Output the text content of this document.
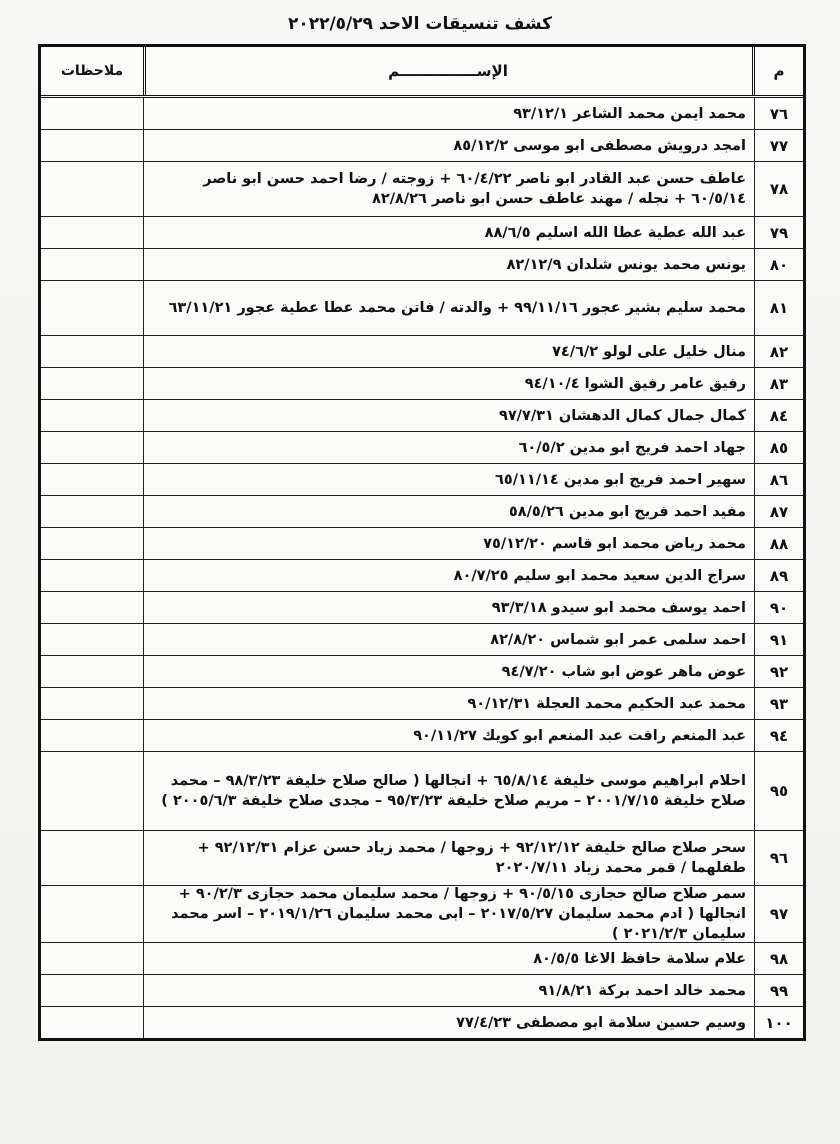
كشف تنسيقات الاحد ٢٠٢٢/٥/٢٩
م
الإســـــــــــــــم
ملاحظات
٧٦
محمد ايمن محمد الشاعر ٩٣/١٢/١
٧٧
امجد درويش مصطفى ابو موسى ٨٥/١٢/٢
٧٨
عاطف حسن عبد القادر ابو ناصر ٦٠/٤/٢٢ + زوجته / رضا احمد حسن ابو ناصر ٦٠/٥/١٤ + نجله / مهند عاطف حسن ابو ناصر ٨٢/٨/٢٦
٧٩
عبد الله عطية عطا الله اسليم ٨٨/٦/٥
٨٠
يونس محمد يونس شلدان ٨٢/١٢/٩
٨١
محمد سليم بشير عجور ٩٩/١١/١٦ + والدته / فاتن محمد عطا عطية عجور ٦٣/١١/٢١
٨٢
منال خليل على لولو ٧٤/٦/٢
٨٣
رفيق عامر رفيق الشوا ٩٤/١٠/٤
٨٤
كمال جمال كمال الدهشان ٩٧/٧/٣١
٨٥
جهاد احمد فريج ابو مدين ٦٠/٥/٢
٨٦
سهير احمد فريج ابو مدين ٦٥/١١/١٤
٨٧
مفيد احمد فريج ابو مدين ٥٨/٥/٢٦
٨٨
محمد رياض محمد ابو قاسم ٧٥/١٢/٢٠
٨٩
سراج الدين سعيد محمد ابو سليم ٨٠/٧/٢٥
٩٠
احمد يوسف محمد ابو سيدو ٩٣/٣/١٨
٩١
احمد سلمى عمر ابو شماس ٨٢/٨/٢٠
٩٢
عوض ماهر عوض ابو شاب ٩٤/٧/٢٠
٩٣
محمد عبد الحكيم محمد العجلة ٩٠/١٢/٣١
٩٤
عبد المنعم رافت عبد المنعم ابو كويك ٩٠/١١/٢٧
٩٥
احلام ابراهيم موسى خليفة ٦٥/٨/١٤ + انجالها ( صالح صلاح خليفة ٩٨/٣/٢٣ – محمد صلاح خليفة ٢٠٠١/٧/١٥ – مريم صلاح خليفة ٩٥/٣/٢٣ – مجدى صلاح خليفة ٢٠٠٥/٦/٣ )
٩٦
سحر صلاح صالح خليفة ٩٢/١٢/١٢ + زوجها / محمد زياد حسن عزام ٩٢/١٢/٣١ + طفلهما / قمر محمد زياد ٢٠٢٠/٧/١١
٩٧
سمر صلاح صالح حجازى ٩٠/٥/١٥ + زوجها / محمد سليمان محمد حجازى ٩٠/٢/٣ + انجالها ( ادم محمد سليمان ٢٠١٧/٥/٢٧ – ابى محمد سليمان ٢٠١٩/١/٢٦ – اسر محمد سليمان ٢٠٢١/٢/٣ )
٩٨
علام سلامة حافظ الاغا ٨٠/٥/٥
٩٩
محمد خالد احمد بركة ٩١/٨/٢١
١٠٠
وسيم حسين سلامة ابو مصطفى ٧٧/٤/٢٣
